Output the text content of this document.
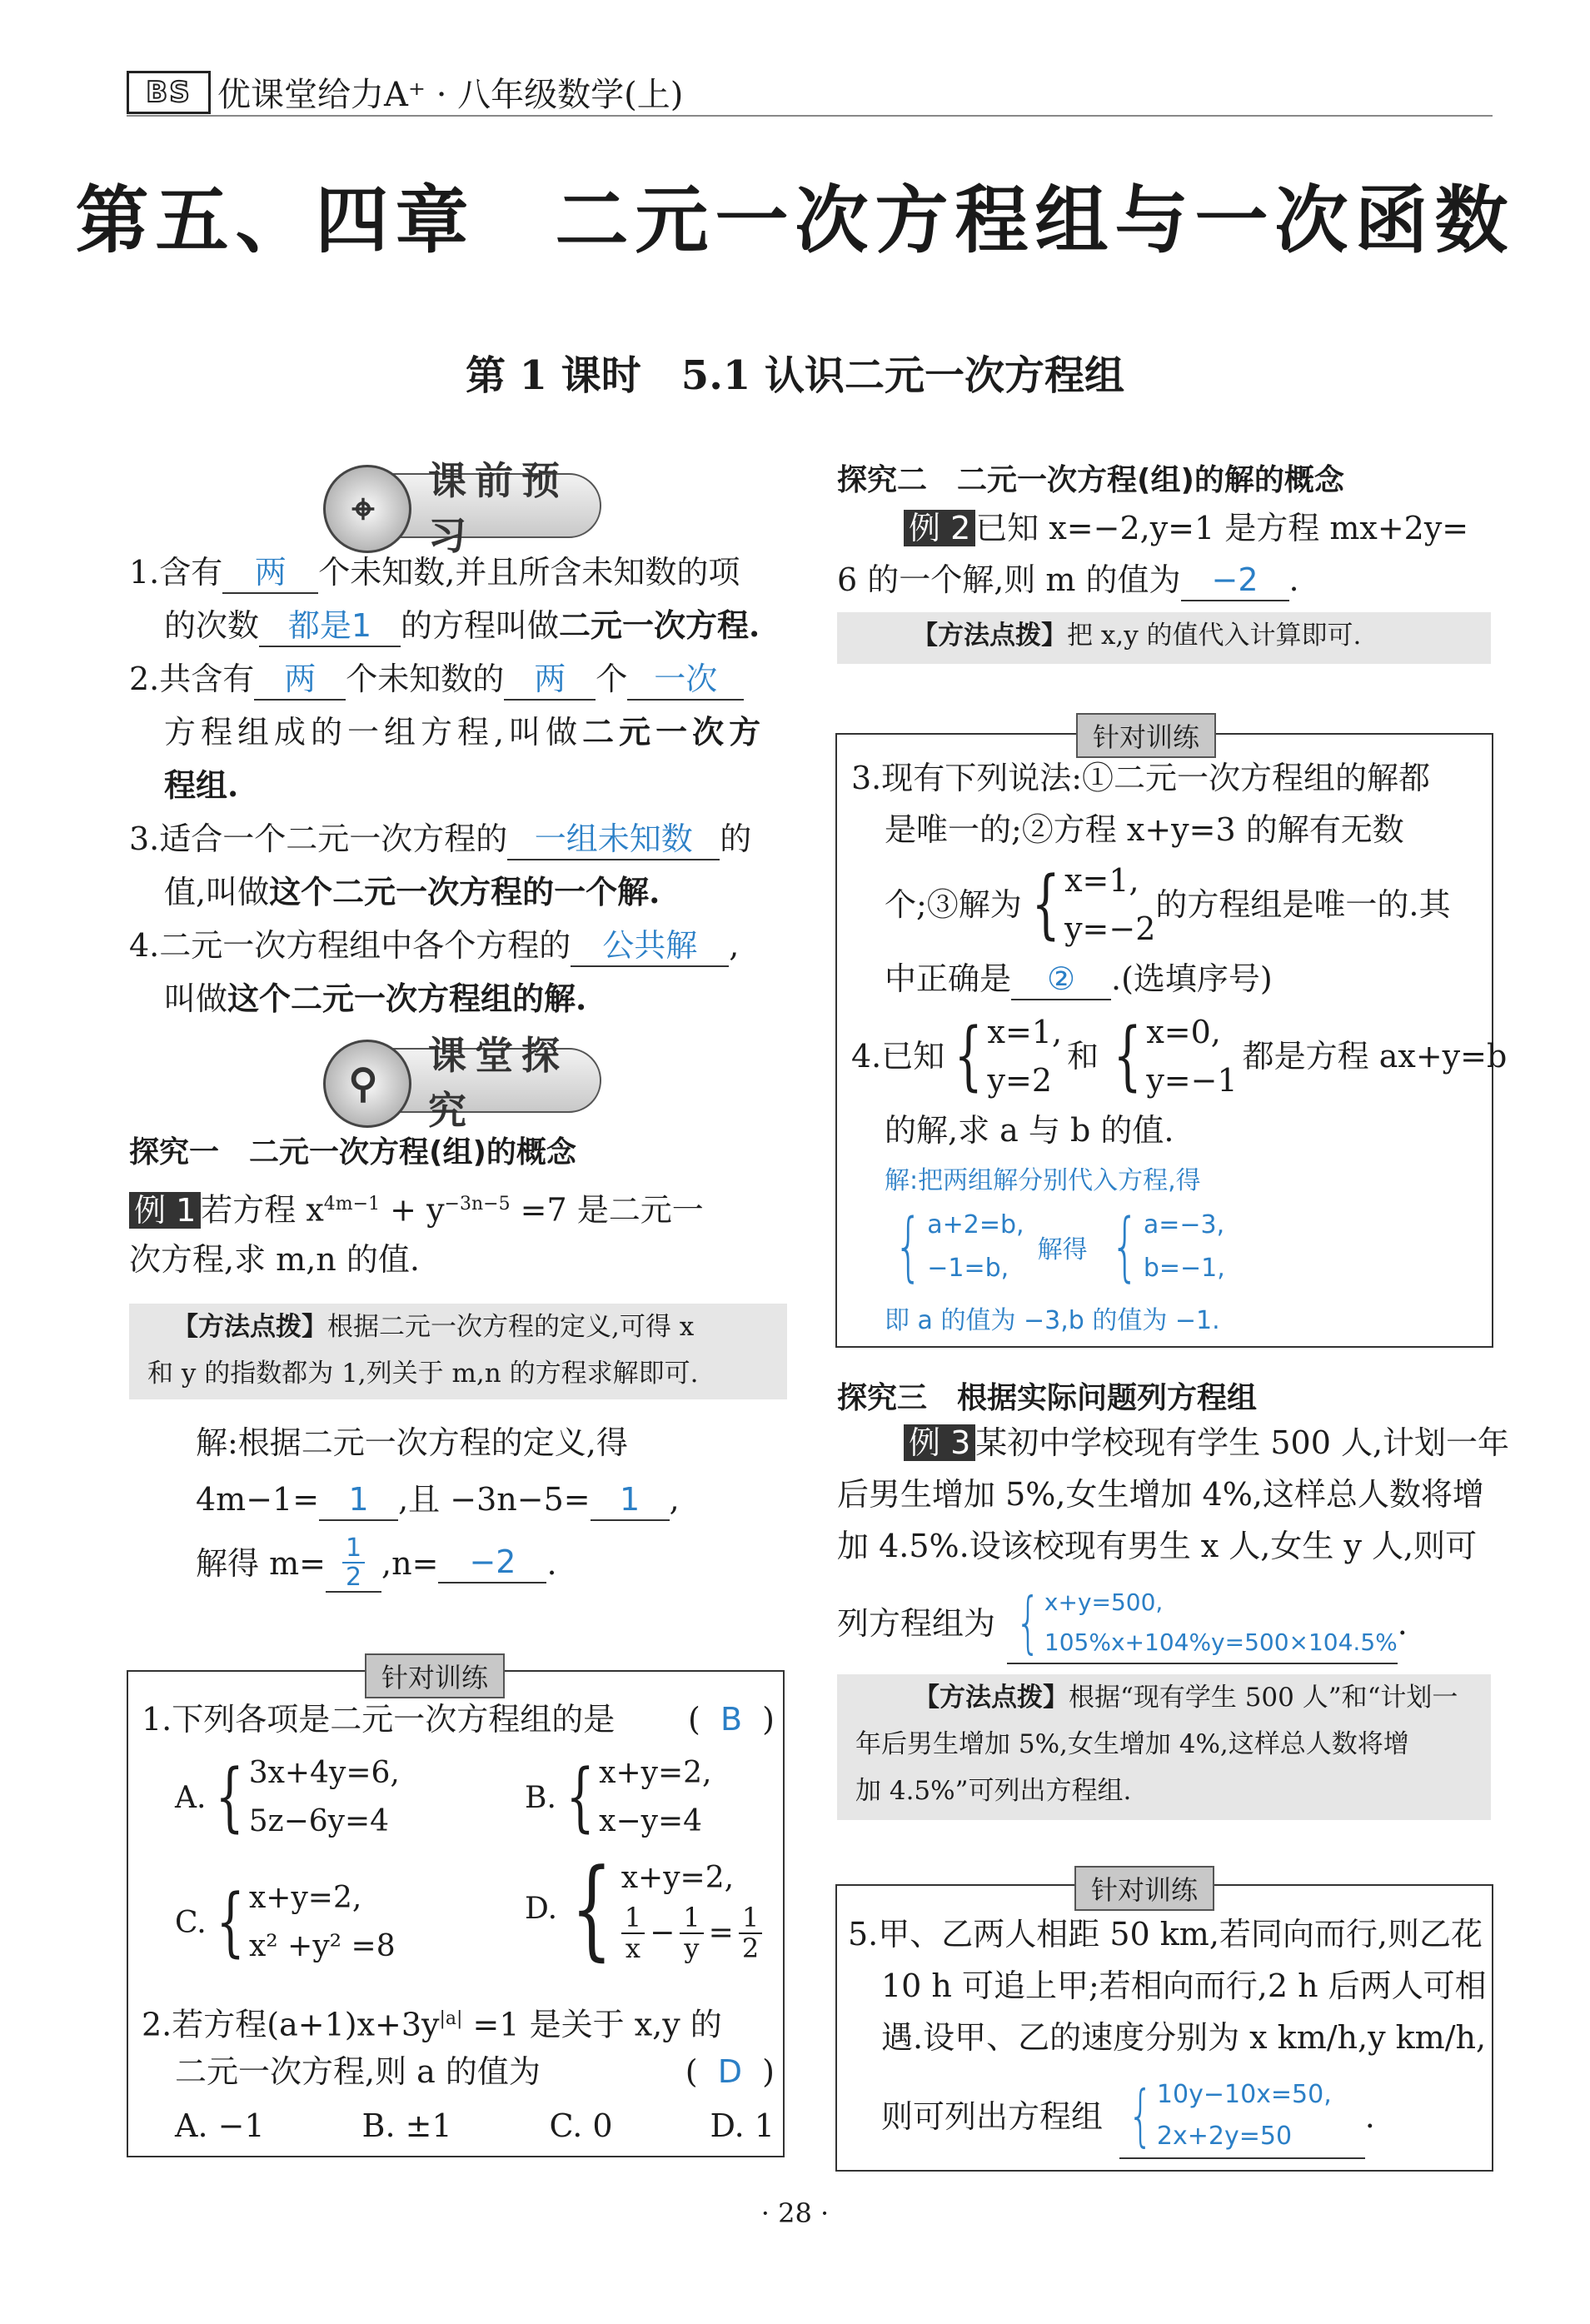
BS 优课堂给力A⁺ · 八年级数学(上)
第五、四章　二元一次方程组与一次函数
第 1 课时　5.1 认识二元一次方程组
⌖
课前预习
1.含有 两 个未知数,并且所含未知数的项
的次数 都是1 的方程叫做二元一次方程.
2.共含有 两 个未知数的 两 个 一次
方程组成的一组方程,叫做二元一次方
程组.
3.适合一个二元一次方程的 一组未知数 的
值,叫做这个二元一次方程的一个解.
4.二元一次方程组中各个方程的 公共解 ,
叫做这个二元一次方程组的解.
⚲
课堂探究
探究一　二元一次方程(组)的概念
例 1 若方程 $x^{4m-1} + y^{-3n-5} =7$ 是二元一
次方程,求 m,n 的值.
【方法点拨】根据二元一次方程的定义,可得 x
和 y 的指数都为 1,列关于 m,n 的方程求解即可.
解:根据二元一次方程的定义,得
4m−1= 1 ,且 −3n−5= 1 ,
解得 $m= \frac{1}{2} ,n= -2$ .
针对训练
1.下列各项是二元一次方程组的是 (  B  )
A. { 3x+4y=6,
5z−6y=4
B. { x+y=2,
x−y=4
C. { x+y=2,
x² +y² =8
D. { x+y=2,
$\frac{1}{x} - \frac{1}{y} = \frac{1}{2}$
2.若方程$(a+1)x+3y^{|a|} =1$ 是关于 x,y 的
二元一次方程,则 a 的值为	(  D  )
A. −1	B. ±1	C. 0	D. 1
探究二　二元一次方程(组)的解的概念
例 2 已知 x=−2,y=1 是方程 mx+2y=
6 的一个解,则 m 的值为 −2 .
【方法点拨】把 x,y 的值代入计算即可.
针对训练
3.现有下列说法:①二元一次方程组的解都
是唯一的;②方程 x+y=3 的解有无数
个;③解为 { x=1,
y=−2
的方程组是唯一的.其
中正确是 ② .(选填序号)
4.已知 { x=1,
y=2
和 { x=0,
y=−1
都是方程 ax+y=b
的解,求 a 与 b 的值.
解:把两组解分别代入方程,得
{ a+2=b,
−1=b,
解得 { a=−3,
b=−1,
即 a 的值为 −3,b 的值为 −1.
探究三　根据实际问题列方程组
例 3 某初中学校现有学生 500 人,计划一年
后男生增加 5%,女生增加 4%,这样总人数将增
加 4.5%.设该校现有男生 x 人,女生 y 人,则可
列方程组为 { x+y=500,
105%x+104%y=500×104.5%
.
【方法点拨】根据“现有学生 500 人”和“计划一
年后男生增加 5%,女生增加 4%,这样总人数将增
加 4.5%”可列出方程组.
针对训练
5.甲、乙两人相距 50 km,若同向而行,则乙花
10 h 可追上甲;若相向而行,2 h 后两人可相
遇.设甲、乙的速度分别为 x km/h,y km/h,
则可列出方程组 { 10y−10x=50,
2x+2y=50
.
· 28 ·
